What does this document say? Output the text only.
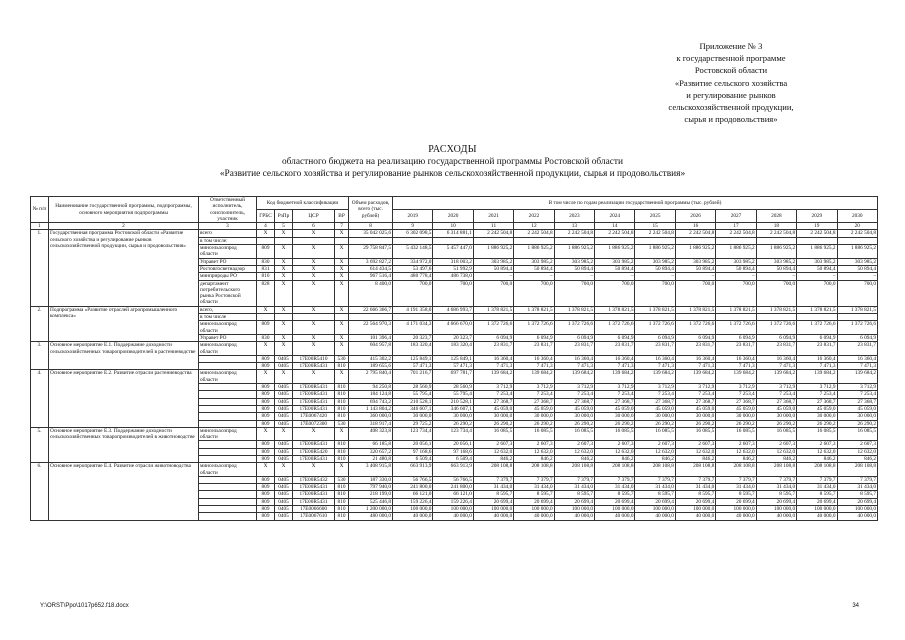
Приложение № 3
к государственной программе
Ростовской области
«Развитие сельского хозяйства
и регулирование рынков
сельскохозяйственной продукции,
сырья и продовольствия»
РАСХОДЫ
областного бюджета на реализацию государственной программы Ростовской области
«Развитие сельского хозяйства и регулирование рынков сельскохозяйственной продукции, сырья и продовольствия»
№ п/п	Наименование государственной программы, подпрограммы, основного мероприятия подпрограммы	Ответственный исполнитель, соисполнитель, участник	Код бюджетной классификации				Объем расходов, всего (тыс. рублей)	В том числе по годам реализации государственной программы (тыс. рублей)											
			ГРБС	РзПр	ЦСР	ВР		2019	2020	2021	2022	2023	2024	2025	2026	2027	2028	2029	2030
1	2	3	4	5	6	7	8	9	10	11	12	13	14	15	16	17	18	19	20
1.	Государственная программа Ростовской области «Развитие сельского хозяйства и регулирование рынков сельскохозяйственной продукции, сырья и продовольствия»	всего	X	X	X	X	35 042 025,6	6 302 098,5	6 314 881,1	2 242 504,8	2 242 504,8	2 242 504,8	2 242 504,8	2 242 504,8	2 242 504,8	2 242 504,8	2 242 504,8	2 242 504,8	2 242 504,8
		в том числе:																	
		минсельхозпрод области	809	X	X	X	29 758 847,5	5 432 148,5	5 457 447,0	1 886 925,2	1 886 925,2	1 886 925,2	1 886 925,2	1 886 925,2	1 886 925,2	1 886 925,2	1 886 925,2	1 886 925,2	1 886 925,2
		Управет РО	830	X	X	X	3 692 827,2	334 972,0	318 003,2	303 985,2	303 985,2	303 985,2	303 985,2	303 985,2	303 985,2	303 985,2	303 985,2	303 985,2	303 985,2
		Ростовгосветнадзор	831	X	X	X	614 434,5	53 497,6	51 992,9	50 894,4	50 894,4	50 894,4	50 894,4	50 894,4	50 894,4	50 894,4	50 894,4	50 894,4	50 894,4
		минприроды РО	810	X	X	X	967 516,4	480 778,4	486 738,0	–	–	–	–	–	–	–	–	–	–
		департамент потребительского рынка Ростовской области	828	X	X	X	8 400,0	700,0	700,0	700,0	700,0	700,0	700,0	700,0	700,0	700,0	700,0	700,0	700,0
2.	Подпрограмма «Развитие отраслей агропромышленного комплекса»	всего,	X	X	X	X	22 666 366,7	4 191 358,0	4 686 993,7	1 378 821,5	1 378 821,5	1 378 821,5	1 378 821,5	1 378 821,5	1 378 821,5	1 378 821,5	1 378 821,5	1 378 821,5	1 378 821,5
		в том числе																	
		минсельхозпрод области	809	X	X	X	22 564 970,3	4 171 034,3	4 666 670,0	1 372 726,6	1 372 726,6	1 372 726,6	1 372 726,6	1 372 726,6	1 372 726,6	1 372 726,6	1 372 726,6	1 372 726,6	1 372 726,6
		Управет РО	830	X	X	X	101 396,4	20 323,7	20 323,7	6 094,9	6 094,9	6 094,9	6 094,9	6 094,9	6 094,9	6 094,9	6 094,9	6 094,9	6 094,9
3.	Основное мероприятие Е.1. Поддержание доходности сельскохозяйственных товаропроизводителей в растениеводстве	минсельхозпрод области	X	X	X	X	604 957,8	183 320,4	183 320,4	23 831,7	23 831,7	23 831,7	23 831,7	23 831,7	23 831,7	23 831,7	23 831,7	23 831,7	23 831,7
			809	0405	17Е00R5410	530	415 302,2	125 849,1	125 849,1	16 360,4	16 360,4	16 360,4	16 360,4	16 360,4	16 360,4	16 360,4	16 360,4	16 360,4	16 360,4
			809	0405	17Е00R5431	810	189 655,6	57 471,3	57 471,3	7 471,3	7 471,3	7 471,3	7 471,3	7 471,3	7 471,3	7 471,3	7 471,3	7 471,3	7 471,3
4.	Основное мероприятие Е.2. Развитие отрасли растениеводства	минсельхозпрод области	X	X	X	X	2 795 840,4	701 216,7	697 781,7	139 684,2	139 684,2	139 684,2	139 684,2	139 684,2	139 684,2	139 684,2	139 684,2	139 684,2	139 684,2
			809	0405	17Е00R5431	810	94 250,8	28 560,9	28 560,9	3 712,9	3 712,9	3 712,9	3 712,9	3 712,9	3 712,9	3 712,9	3 712,9	3 712,9	3 712,9
			809	0405	17Е00R5431	810	184 124,8	55 795,4	55 795,4	7 253,4	7 253,4	7 253,4	7 253,4	7 253,4	7 253,4	7 253,4	7 253,4	7 253,4	7 253,4
			809	0405	17Е00R5431	810	694 743,2	210 528,1	210 528,1	27 368,7	27 368,7	27 368,7	27 368,7	27 368,7	27 368,7	27 368,7	27 368,7	27 368,7	27 368,7
			809	0405	17Е00R5431	810	1 143 804,2	346 607,1	346 607,1	45 059,0	45 059,0	45 059,0	45 059,0	45 059,0	45 059,0	45 059,0	45 059,0	45 059,0	45 059,0
			809	0405	17Е0067420	810	360 000,0	30 000,0	30 000,0	30 000,0	30 000,0	30 000,0	30 000,0	30 000,0	30 000,0	30 000,0	30 000,0	30 000,0	30 000,0
			809	0405	17Е0072300	530	318 917,4	29 725,2	26 290,2	26 290,2	26 290,2	26 290,2	26 290,2	26 290,2	26 290,2	26 290,2	26 290,2	26 290,2	26 290,2
5.	Основное мероприятие Е.3. Поддержание доходности сельскохозяйственных товаропроизводителей в животноводстве	минсельхозпрод области	X	X	X	X	408 323,8	123 734,4	123 734,4	16 085,5	16 085,5	16 085,5	16 085,5	16 085,5	16 085,5	16 085,5	16 085,5	16 085,5	16 085,5
			809	0405	17Е00R5431	810	66 185,8	20 056,1	20 056,1	2 607,3	2 607,3	2 607,3	2 607,3	2 607,3	2 607,3	2 607,3	2 607,3	2 607,3	2 607,3
			809	0405	17Е00R5420	810	320 657,2	97 168,6	97 168,6	12 632,0	12 632,0	12 632,0	12 632,0	12 632,0	12 632,0	12 632,0	12 632,0	12 632,0	12 632,0
			809	0405	17Е00R5431	810	21 480,8	6 509,4	6 509,4	846,2	846,2	846,2	846,2	846,2	846,2	846,2	846,2	846,2	846,2
6.	Основное мероприятие Е.4. Развитие отрасли животноводства	минсельхозпрод области	X	X	X	X	3 408 915,8	663 913,9	663 913,9	208 108,8	208 108,8	208 108,8	208 108,8	208 108,8	208 108,8	208 108,8	208 108,8	208 108,8	208 108,8
			809	0405	17Е00R5432	530	187 330,0	56 766,5	56 766,5	7 379,7	7 379,7	7 379,7	7 379,7	7 379,7	7 379,7	7 379,7	7 379,7	7 379,7	7 379,7
			809	0405	17Е00R5431	810	797 940,0	241 800,0	241 800,0	31 434,0	31 434,0	31 434,0	31 434,0	31 434,0	31 434,0	31 434,0	31 434,0	31 434,0	31 434,0
			809	0405	17Е00R5431	810	218 199,0	66 121,0	66 121,0	8 595,7	8 595,7	8 595,7	8 595,7	8 595,7	8 595,7	8 595,7	8 595,7	8 595,7	8 595,7
			809	0405	17Е00R5431	810	525 446,8	159 226,4	159 226,4	20 699,4	20 699,4	20 699,4	20 699,4	20 699,4	20 699,4	20 699,4	20 699,4	20 699,4	20 699,4
			809	0405	17Е0066600	810	1 200 000,0	100 000,0	100 000,0	100 000,0	100 000,0	100 000,0	100 000,0	100 000,0	100 000,0	100 000,0	100 000,0	100 000,0	100 000,0
			809	0405	17Е0067610	810	480 000,0	40 000,0	40 000,0	40 000,0	40 000,0	40 000,0	40 000,0	40 000,0	40 000,0	40 000,0	40 000,0	40 000,0	40 000,0
Y:\ORST\Ppo\1017p652.f18.docx	34
